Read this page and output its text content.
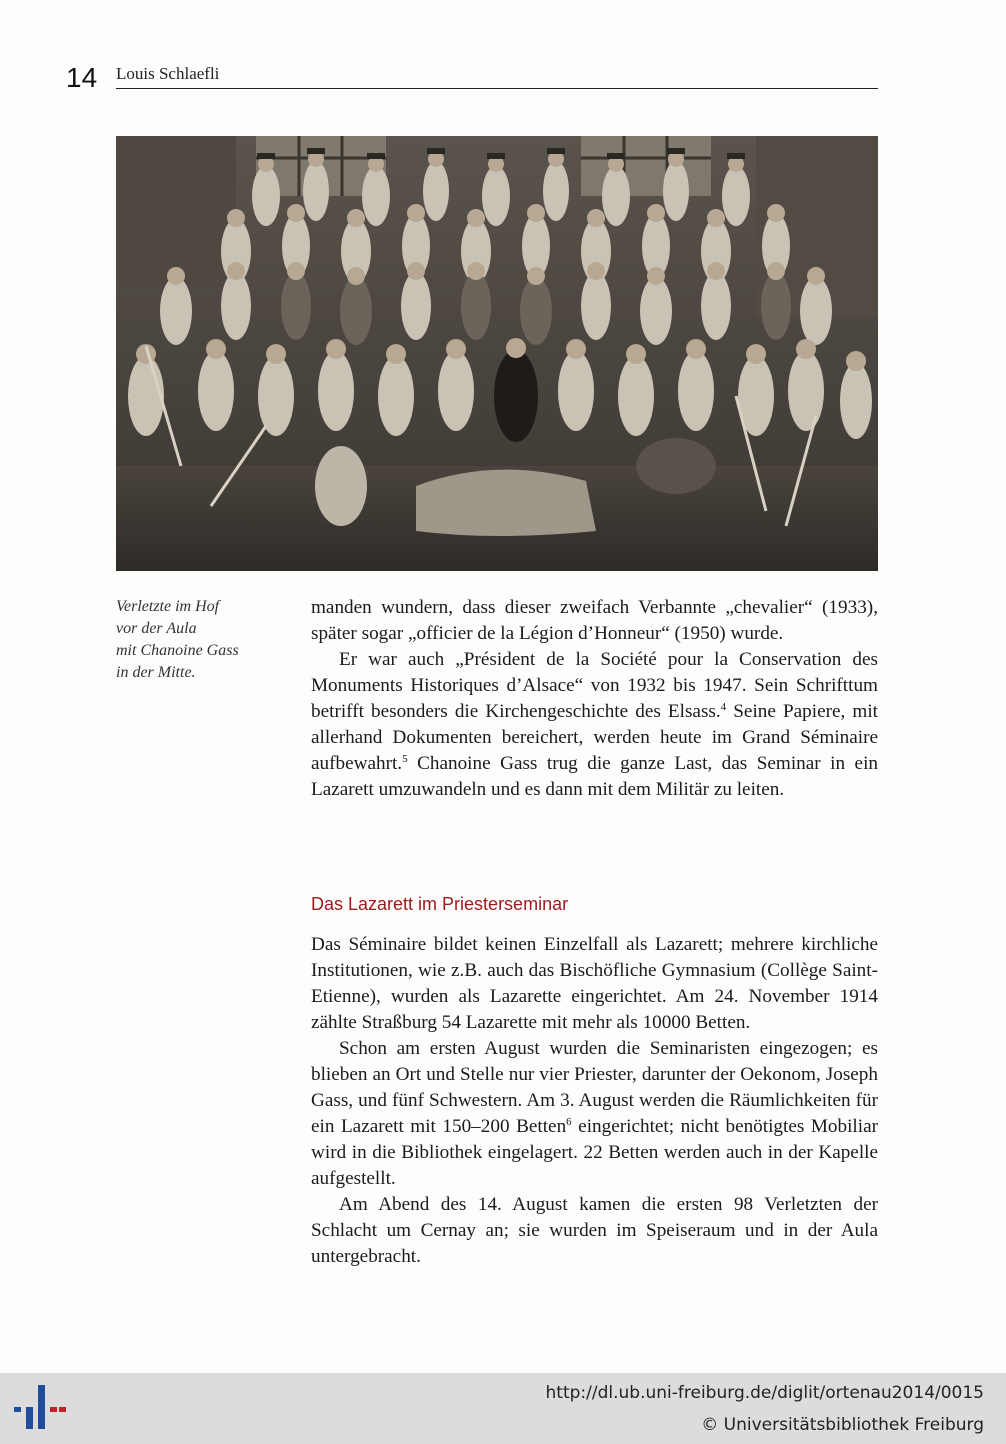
14 Louis Schlaefli
Verletzte im Hof
vor der Aula
mit Chanoine Gass
in der Mitte.

manden wundern, dass dieser zweifach Verbannte „chevalier“ (1933), später sogar „officier de la Légion d’Honneur“ (1950) wurde.

Er war auch „Président de la Société pour la Conservation des Monuments Historiques d’Alsace“ von 1932 bis 1947. Sein Schrifttum betrifft besonders die Kirchengeschichte des Elsass.$^4$ Seine Papiere, mit allerhand Dokumenten bereichert, werden heute im Grand Séminaire aufbewahrt.$^5$ Chanoine Gass trug die ganze Last, das Seminar in ein Lazarett umzuwandeln und es dann mit dem Militär zu leiten.

Das Lazarett im Priesterseminar

Das Séminaire bildet keinen Einzelfall als Lazarett; mehrere kirchliche Institutionen, wie z.B. auch das Bischöfliche Gymnasium (Collège Saint-Etienne), wurden als Lazarette eingerichtet. Am 24. November 1914 zählte Straßburg 54 Lazarette mit mehr als 10000 Betten.

Schon am ersten August wurden die Seminaristen eingezogen; es blieben an Ort und Stelle nur vier Priester, darunter der Oekonom, Joseph Gass, und fünf Schwestern. Am 3. August werden die Räumlichkeiten für ein Lazarett mit 150–200 Betten$^6$ eingerichtet; nicht benötigtes Mobiliar wird in die Bibliothek eingelagert. 22 Betten werden auch in der Kapelle aufgestellt.

Am Abend des 14. August kamen die ersten 98 Verletzten der Schlacht um Cernay an; sie wurden im Speiseraum und in der Aula untergebracht.

http://dl.ub.uni-freiburg.de/diglit/ortenau2014/0015
© Universitätsbibliothek Freiburg
